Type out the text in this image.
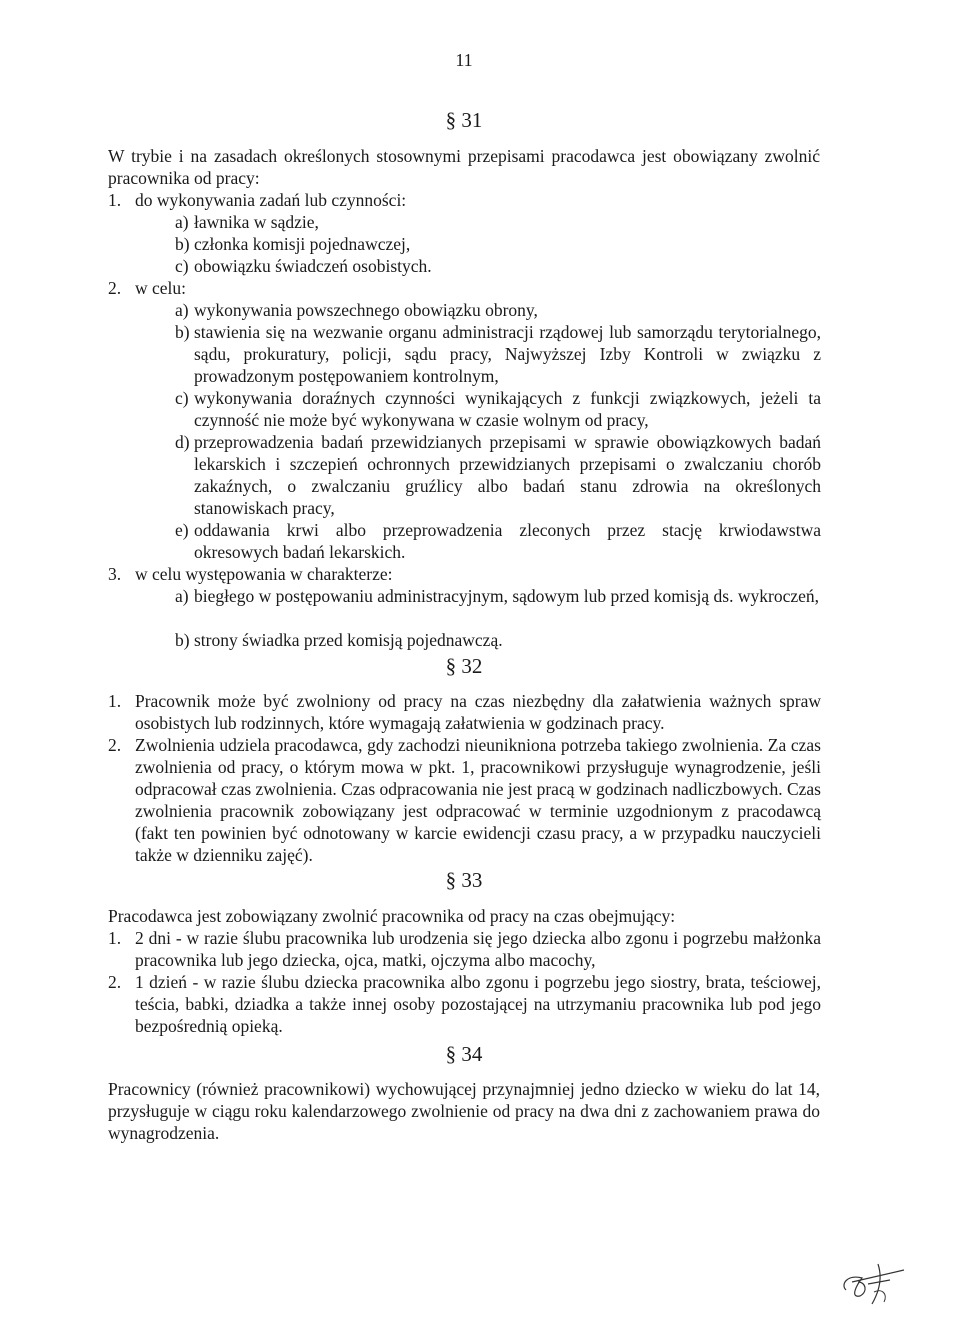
11
§ 31
W trybie i na zasadach określonych stosownymi przepisami pracodawca jest obowiązany zwolnić pracownika od pracy:
1. do wykonywania zadań lub czynności:
a) ławnika w sądzie,
b) członka komisji pojednawczej,
c) obowiązku świadczeń osobistych.
2. w celu:
a) wykonywania powszechnego obowiązku obrony,
b) stawienia się na wezwanie organu administracji rządowej lub samorządu terytorialnego, sądu, prokuratury, policji, sądu pracy, Najwyższej Izby Kontroli w związku z prowadzonym postępowaniem kontrolnym,
c) wykonywania doraźnych czynności wynikających z funkcji związkowych, jeżeli ta czynność nie może być wykonywana w czasie wolnym od pracy,
d) przeprowadzenia badań przewidzianych przepisami w sprawie obowiązkowych badań lekarskich i szczepień ochronnych przewidzianych przepisami o zwalczaniu chorób zakaźnych, o zwalczaniu gruźlicy albo badań stanu zdrowia na określonych stanowiskach pracy,
e) oddawania krwi albo przeprowadzenia zleconych przez stację krwiodawstwa okresowych badań lekarskich.
3. w celu występowania w charakterze:
a) biegłego w postępowaniu administracyjnym, sądowym lub przed komisją ds. wykroczeń,
b) strony świadka przed komisją pojednawczą.
§ 32
1. Pracownik może być zwolniony od pracy na czas niezbędny dla załatwienia ważnych spraw osobistych lub rodzinnych, które wymagają załatwienia w godzinach pracy.
2. Zwolnienia udziela pracodawca, gdy zachodzi nieunikniona potrzeba takiego zwolnienia. Za czas zwolnienia od pracy, o którym mowa w pkt. 1, pracownikowi przysługuje wynagrodzenie, jeśli odpracował czas zwolnienia. Czas odpracowania nie jest pracą w godzinach nadliczbowych. Czas zwolnienia pracownik zobowiązany jest odpracować w terminie uzgodnionym z pracodawcą (fakt ten powinien być odnotowany w karcie ewidencji czasu pracy, a w przypadku nauczycieli także w dzienniku zajęć).
§ 33
Pracodawca jest zobowiązany zwolnić pracownika od pracy na czas obejmujący:
1. 2 dni - w razie ślubu pracownika lub urodzenia się jego dziecka albo zgonu i pogrzebu małżonka pracownika lub jego dziecka, ojca, matki, ojczyma albo macochy,
2. 1 dzień - w razie ślubu dziecka pracownika albo zgonu i pogrzebu jego siostry, brata, teściowej, teścia, babki, dziadka a także innej osoby pozostającej na utrzymaniu pracownika lub pod jego bezpośrednią opieką.
§ 34
Pracownicy (również pracownikowi) wychowującej przynajmniej jedno dziecko w wieku do lat 14, przysługuje w ciągu roku kalendarzowego zwolnienie od pracy na dwa dni z zachowaniem prawa do wynagrodzenia.
